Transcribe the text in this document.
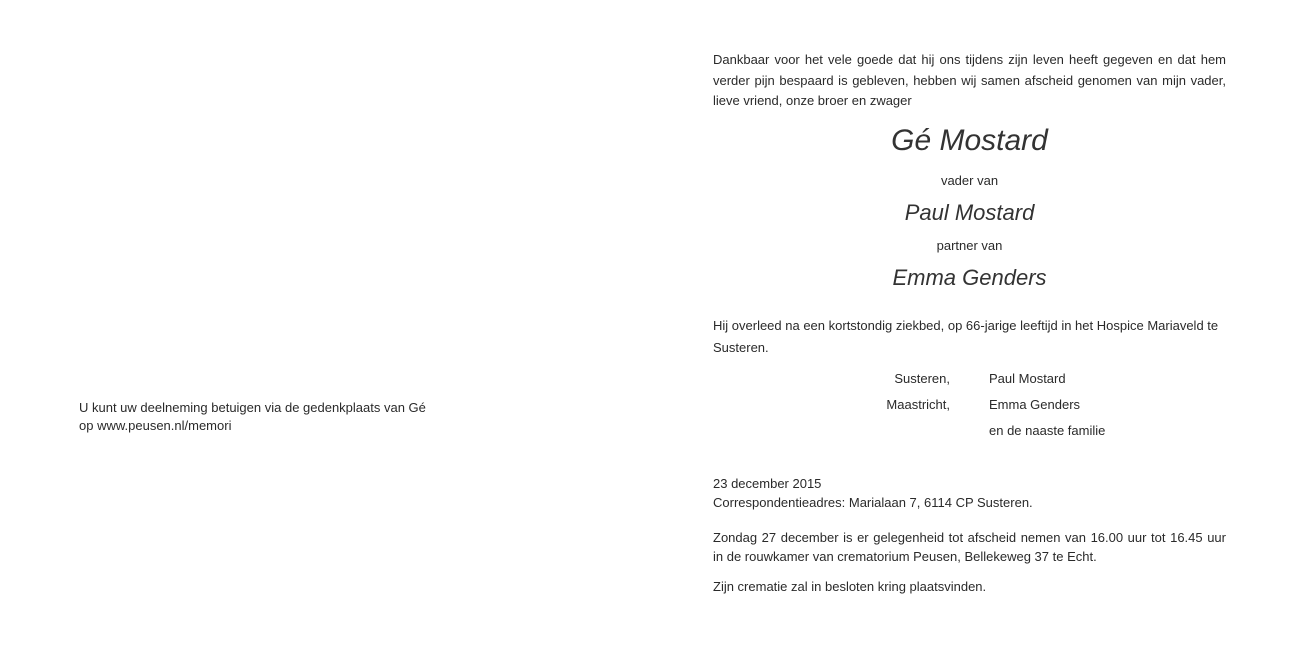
U kunt uw deelneming betuigen via de gedenkplaats van Gé
op www.peusen.nl/memori
Dankbaar voor het vele goede dat hij ons tijdens zijn leven heeft gegeven en dat hem verder pijn bespaard is gebleven, hebben wij samen afscheid genomen van mijn vader, lieve vriend, onze broer en zwager
Gé Mostard
vader van
Paul Mostard
partner van
Emma Genders
Hij overleed na een kortstondig ziekbed, op 66-jarige leeftijd in het Hospice Mariaveld te Susteren.
Susteren,
Maastricht,
Paul Mostard
Emma Genders
en de naaste familie
23 december 2015
Correspondentieadres: Marialaan 7, 6114 CP Susteren.
Zondag 27 december is er gelegenheid tot afscheid nemen van 16.00 uur tot 16.45 uur in de rouwkamer van crematorium Peusen, Bellekeweg 37 te Echt.
Zijn crematie zal in besloten kring plaatsvinden.
